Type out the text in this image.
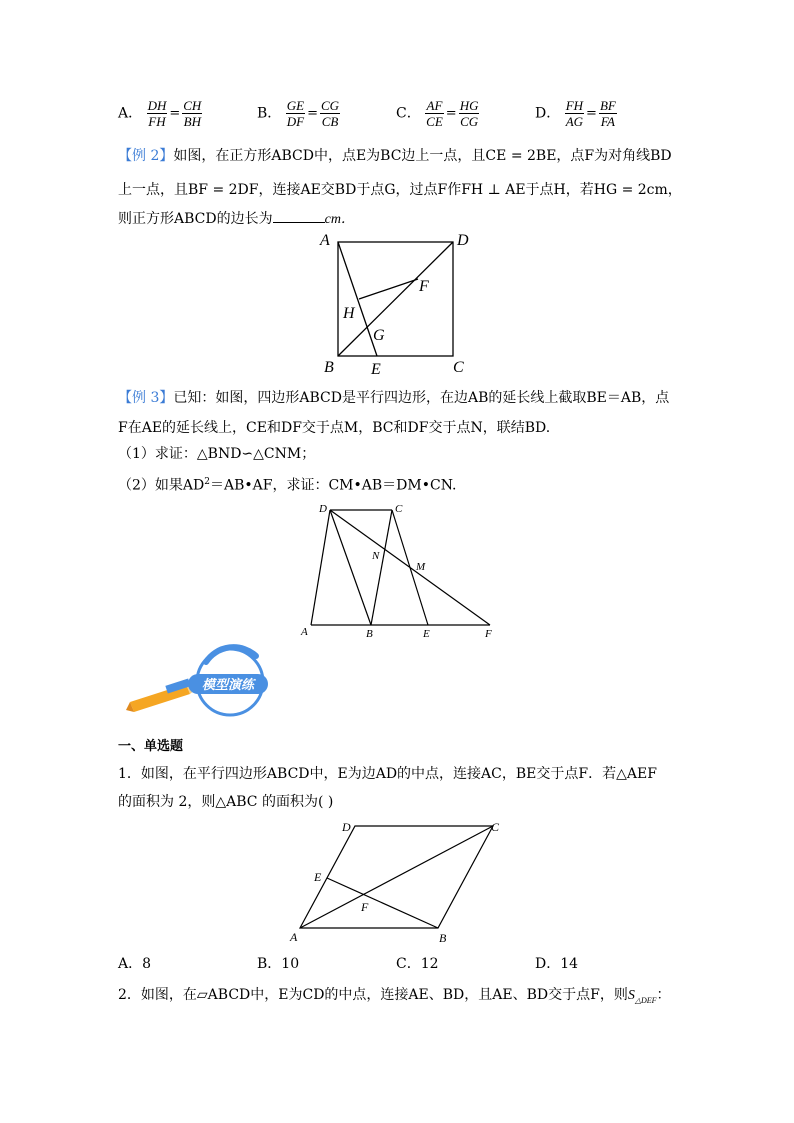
A． $\frac{DH}{FH} = \frac{CH}{BH}$	B． $\frac{GE}{DF} = \frac{CG}{CB}$	C． $\frac{AF}{CE} = \frac{HG}{CG}$	D． $\frac{FH}{AG} = \frac{BF}{FA}$
【例 2】如图，在正方形ABCD中，点E为BC边上一点，且CE = 2BE，点F为对角线BD
上一点，且BF = 2DF，连接AE交BD于点G，过点F作FH ⊥ AE于点H，若HG = 2cm，
则正方形ABCD的边长为	cm．
A	D
F
H
G
B E	C
【例 3】已知：如图，四边形ABCD是平行四边形，在边AB的延长线上截取BE＝AB，点
F在AE的延长线上，CE和DF交于点M，BC和DF交于点N，联结BD.
（1）求证：△BND∽△CNM；
（2）如果$AD^2=AB•AF$，求证：CM•AB＝DM•CN.
D	C
N
M
A	B	E	F
模型演练
一、单选题
1．如图，在平行四边形ABCD中，E为边AD的中点，连接AC，BE交于点F．若△AEF
的面积为 2，则△ABC 的面积为( )
D	C
E
F
A	B
A．8	B．10	C．12	D．14
2．如图，在▱ABCD中，E为CD的中点，连接AE、BD，且AE、BD交于点F，则$S_{\triangle DEF}$：
